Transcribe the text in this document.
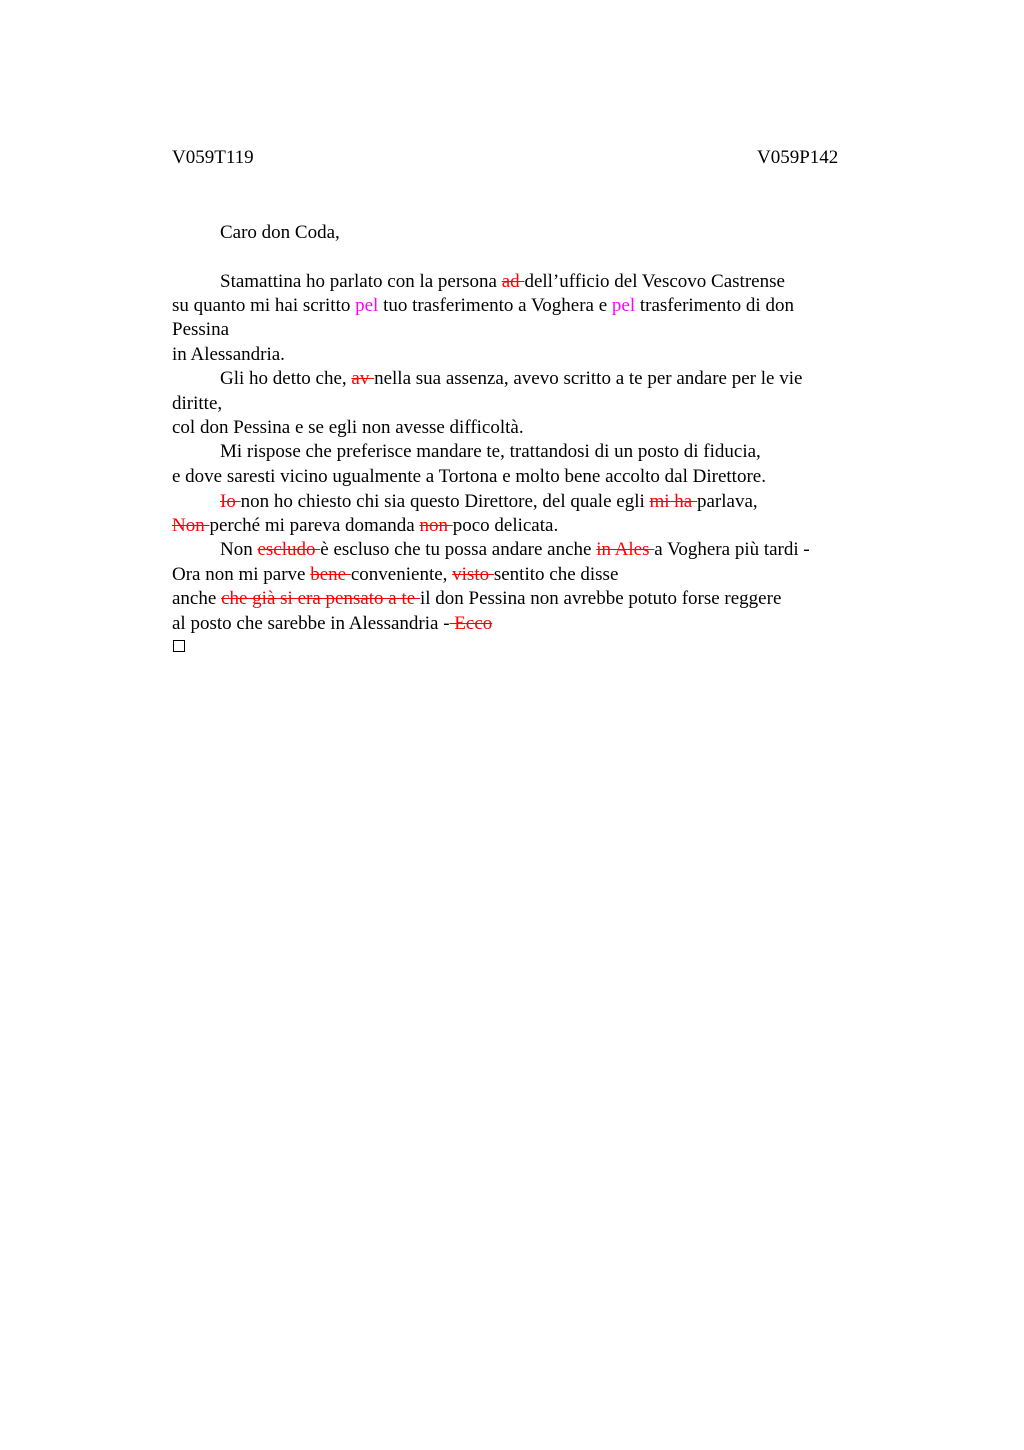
V059T119	V059P142
Caro don Coda,
Stamattina ho parlato con la persona ad dell’ufficio del Vescovo Castrense
su quanto mi hai scritto pel tuo trasferimento a Voghera e pel trasferimento di don
Pessina
in Alessandria.
Gli ho detto che, av nella sua assenza, avevo scritto a te per andare per le vie
diritte,
col don Pessina e se egli non avesse difficoltà.
Mi rispose che preferisce mandare te, trattandosi di un posto di fiducia,
e dove saresti vicino ugualmente a Tortona e molto bene accolto dal Direttore.
Io non ho chiesto chi sia questo Direttore, del quale egli mi ha parlava,
Non perché mi pareva domanda non poco delicata.
Non escludo è escluso che tu possa andare anche in Ales a Voghera più tardi -
Ora non mi parve bene conveniente, visto sentito che disse
anche che già si era pensato a te il don Pessina non avrebbe potuto forse reggere
al posto che sarebbe in Alessandria - Ecco
